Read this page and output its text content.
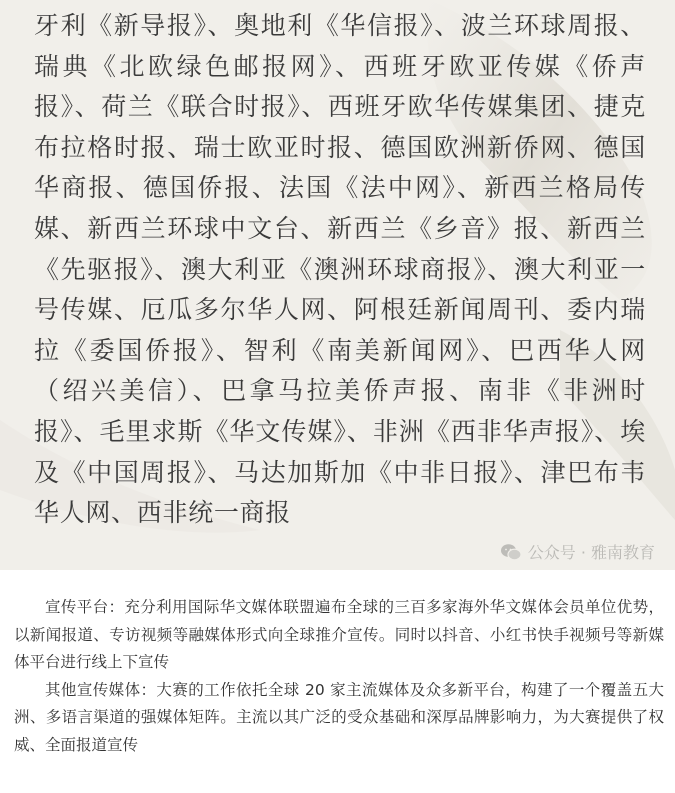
牙利《新导报》、奥地利《华信报》、波兰环球周报、瑞典《北欧绿色邮报网》、西班牙欧亚传媒《侨声报》、荷兰《联合时报》、西班牙欧华传媒集团、捷克布拉格时报、瑞士欧亚时报、德国欧洲新侨网、德国华商报、德国侨报、法国《法中网》、新西兰格局传媒、新西兰环球中文台、新西兰《乡音》报、新西兰《先驱报》、澳大利亚《澳洲环球商报》、澳大利亚一号传媒、厄瓜多尔华人网、阿根廷新闻周刊、委内瑞拉《委国侨报》、智利《南美新闻网》、巴西华人网（绍兴美信）、巴拿马拉美侨声报、南非《非洲时报》、毛里求斯《华文传媒》、非洲《西非华声报》、埃及《中国周报》、马达加斯加《中非日报》、津巴布韦华人网、西非统一商报

公众号 · 雅南教育

宣传平台：充分利用国际华文媒体联盟遍布全球的三百多家海外华文媒体会员单位优势， 以新闻报道、专访视频等融媒体形式向全球推介宣传。同时以抖音、小红书快手视频号等新媒体平台进行线上下宣传

其他宣传媒体：大赛的工作依托全球 20 家主流媒体及众多新平台，构建了一个覆盖五大洲、多语言渠道的强媒体矩阵。主流以其广泛的受众基础和深厚品牌影响力，为大赛提供了权威、全面报道宣传
